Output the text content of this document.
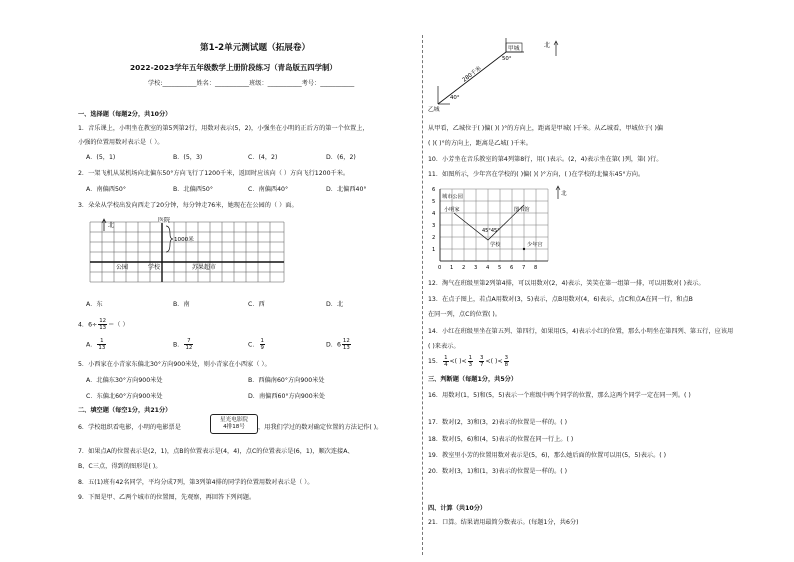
第1-2单元测试题（拓展卷）
2022-2023学年五年级数学上册阶段练习（青岛版五四学制）
学校:___________姓名：___________班级：___________考号：___________
一、选择题（每题2分，共10分）
1．音乐课上，小明坐在教室的第5列第2行，用数对表示(5，2)，小强坐在小明的正后方的第一个位置上，
小强的位置用数对表示是（ ）。
A．(5，1)	B．(5，3)	C．(4，2)	D．(6，2)
2．一架飞机从某机场向北偏东50°方向飞行了1200千米，返回时应该向（ ）方向飞行1200千米。
A．南偏西50°	B．北偏西50°	C．南偏西40°	D．北偏西40°
3．朵朵从学校出发向西走了20分钟，每分钟走76米，她现在在公园的（ ）面。
北
医院
1000米
公园	学校	苏果超市
A．东	B．南	C．西	D．北
4．$6\div \frac{12}{13}$ ＝（ ）
A． $\frac{1}{13}$	B． $\frac{7}{12}$	C． $\frac{1}{9}$	D．$6 \frac{12}{13}$
5．小西家在小青家东偏北30°方向900米处，则小青家在小西家（ ）。
A．北偏东30°方向900米处	B．西偏南60°方向900米处
C．东偏北60°方向900米处	D．南偏西60°方向900米处
二、填空题（每空1分，共21分）
6．学校组织看电影，小明的电影票是
星光电影院
4排18号	，用我们学过的数对确定位置的方法记作( )。
7．如果点A的位置表示是(2，1)，点B的位置表示是(4，4)，点C的位置表示是(6，1)，顺次连接A、
B、C三点，得到的图形是( )。
8．五(1)班有42名同学，平均分成7列，第3列第4排的同学的位置用数对表示是（ ）。
9．下图是甲、乙两个城市的位置图，先观察，再回答下列问题。
甲城
乙城
50°
40°
280千米
北
从甲看，乙城位于( )偏( )( )°的方向上，距离是甲城( )千米。从乙城看，甲城位于( )偏
( )( )°的方向上，距离是乙城( )千米。
10．小芳坐在音乐教室的第4列第8行，用( )表示。(2，4)表示坐在第( )列，第( )行。
11．如图所示，少年宫在学校的( )偏( )( )°方向，( )在学校的北偏东45°方向。
城市公园
小明家	图书馆
学校	少年宫
45°45°
北
0 1 2 3 4 5 6 7 8
1
2
3
4
5
6
12．淘气在班级里第2列第4排，可以用数对(2，4)表示，笑笑在第一组第一排，可以用数对( )表示。
13．在点子图上，若点A用数对(3，5)表示，点B用数对(4，6)表示，点C和点A在同一行，和点B
在同一列，点C的位置( )。
14．小红在班级里坐在第五列、第四行，如果用(5，4)表示小红的位置，那么小明坐在第四列、第五行，应该用
( )来表示。
15． $\frac{1}{4}$ <( )< $\frac{1}{3}$
$\frac{3}{7}$ <( )< $\frac{3}{8}$
三、判断题（每题1分，共5分）
16．用数对(1，5)和(5，5)表示一个班级中两个同学的位置，那么这两个同学一定在同一列。( )
17．数对(2，3)和(3，2)表示的位置是一样的。( )
18．数对(5，6)和(4，5)表示的位置在同一行上。( )
19．教室里小芳的位置用数对表示是(5，6)，那么她后面的位置可以用(5，5)表示。( )
20．数对(3，1)和(1，3)表示的位置是一样的。( )
四、计算（共10分）
21．口算。结果请用最简分数表示。(每题1分，共6分)
